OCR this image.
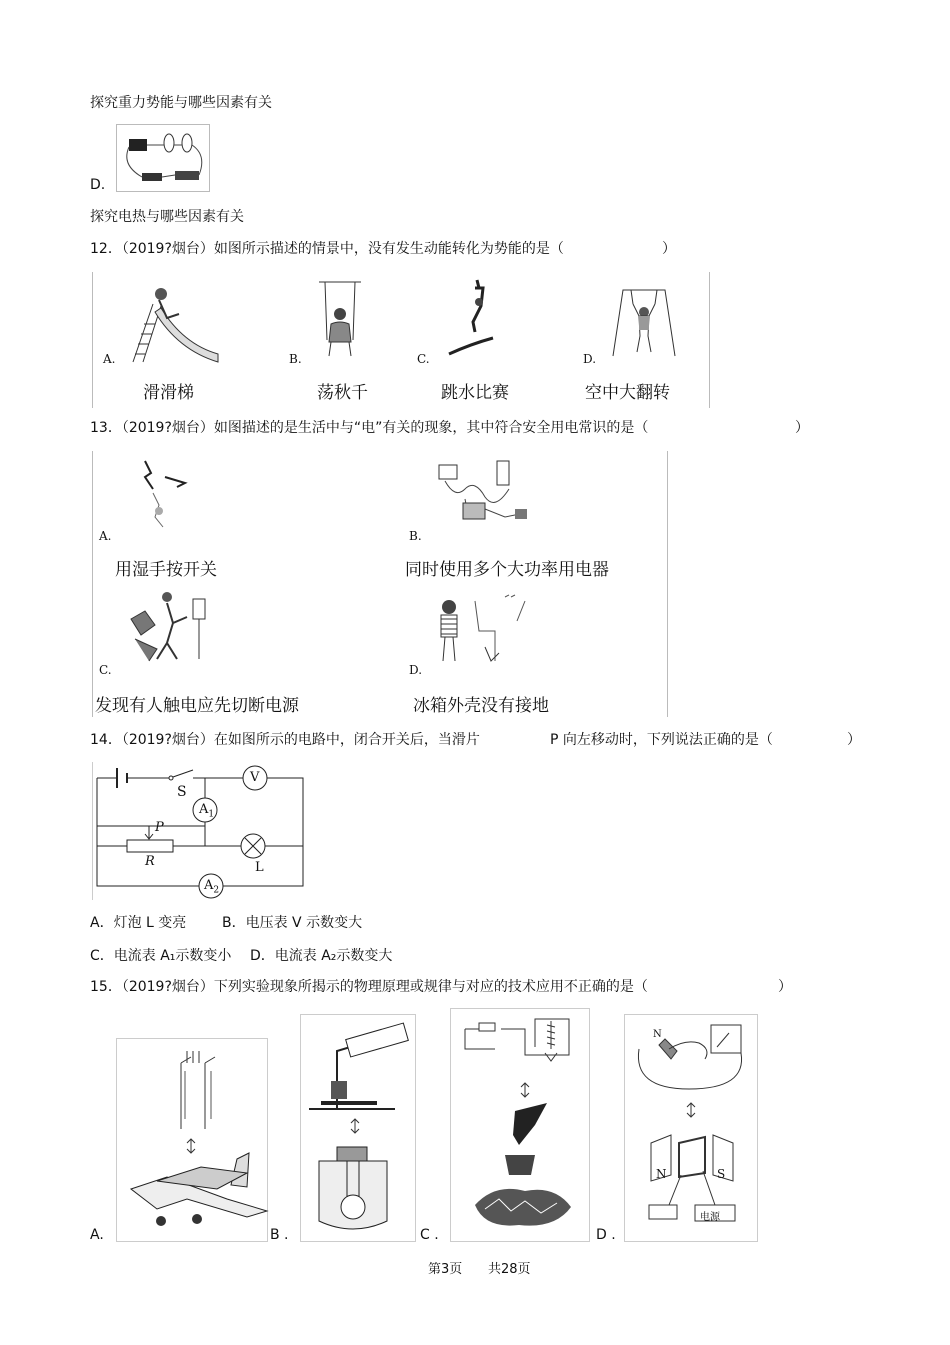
探究重力势能与哪些因素有关
D.
探究电热与哪些因素有关
12．（2019?烟台）如图所示描述的情景中，没有发生动能转化为势能的是（	）
A.
滑滑梯
B.
荡秋千
C.
跳水比赛
D.
空中大翻转
13．（2019?烟台）如图描述的是生活中与“电”有关的现象，其中符合安全用电常识的是（	）
A.
用湿手按开关
B.
同时使用多个大功率用电器
C.
发现有人触电应先切断电源
D.
冰箱外壳没有接地
14．（2019?烟台）在如图所示的电路中，闭合开关后，当滑片	P 向左移动时，下列说法正确的是（	）
S
$A_1$
V
P
R	L
$A_2$
A．灯泡 L 变亮	B．电压表 V 示数变大
C．电流表 A₁示数变小 D．电流表 A₂示数变大
15．（2019?烟台）下列实验现象所揭示的物理原理或规律与对应的技术应用不正确的是（	）
A.	B .	C .
N
N	S
电源
D .
第3页 共28页
